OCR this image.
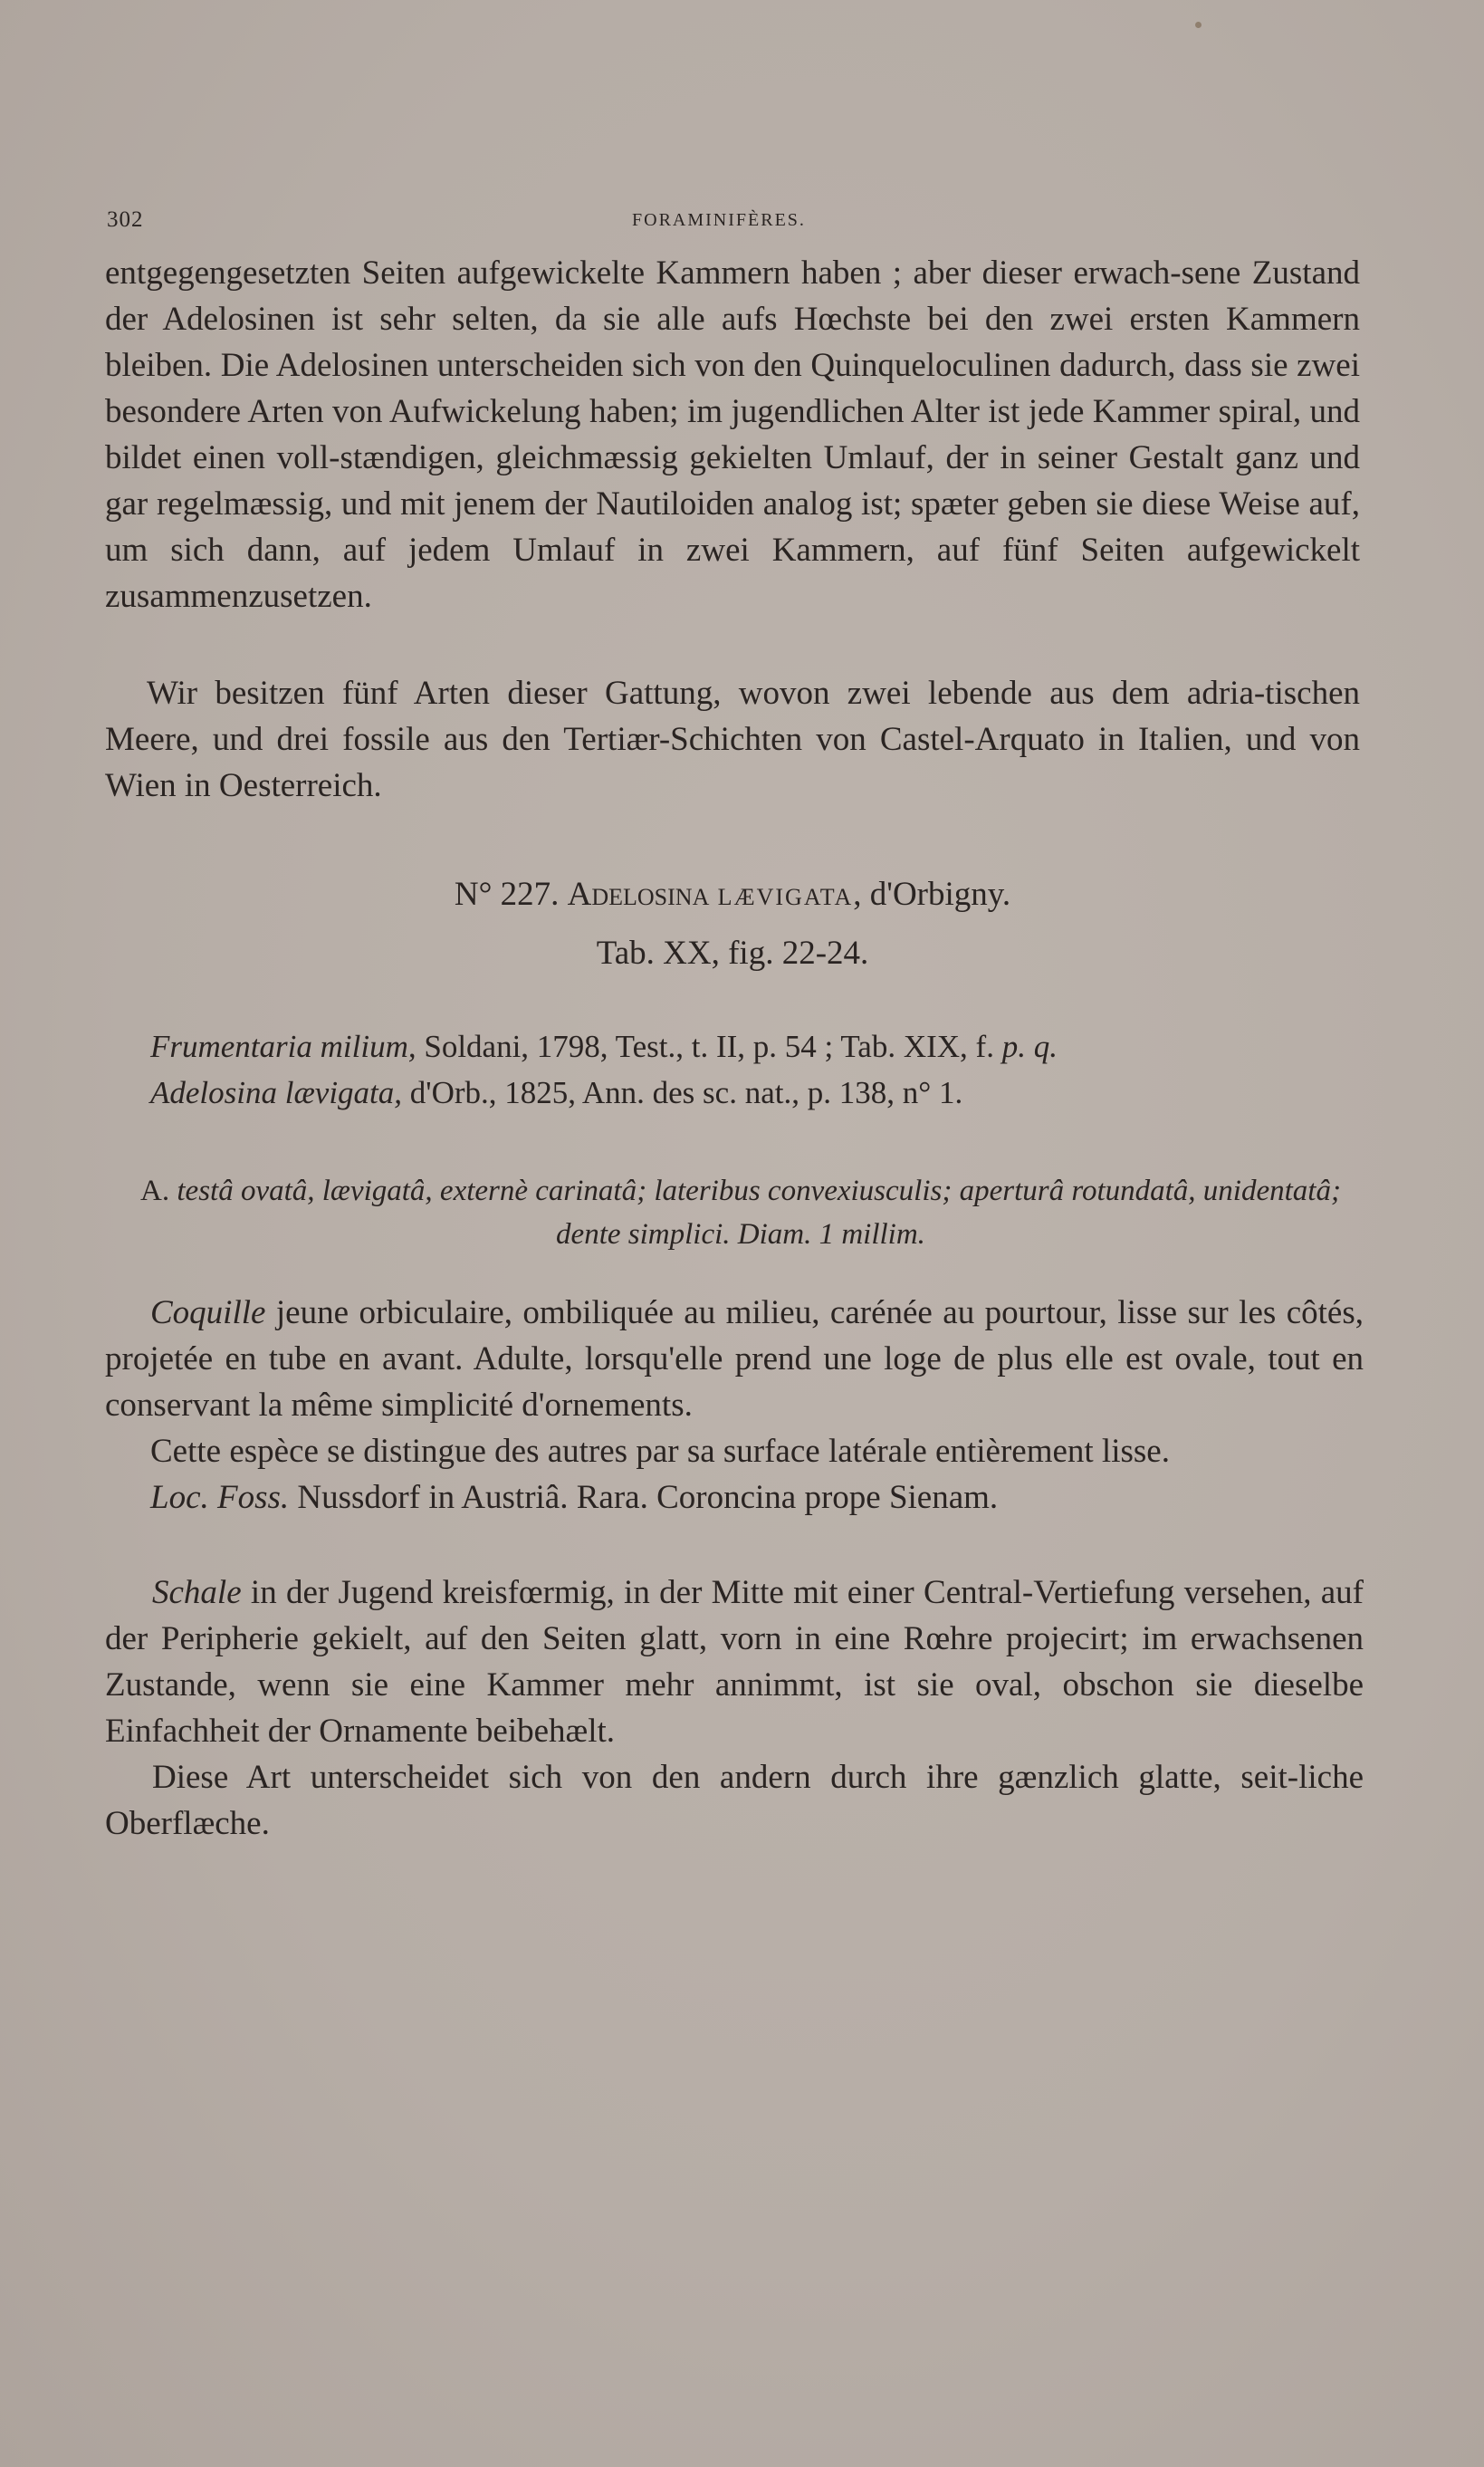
302	FORAMINIFÈRES.

entgegengesetzten Seiten aufgewickelte Kammern haben ; aber dieser erwach-sene Zustand der Adelosinen ist sehr selten, da sie alle aufs Hœchste bei den zwei ersten Kammern bleiben. Die Adelosinen unterscheiden sich von den Quinqueloculinen dadurch, dass sie zwei besondere Arten von Aufwickelung haben; im jugendlichen Alter ist jede Kammer spiral, und bildet einen voll-stændigen, gleichmæssig gekielten Umlauf, der in seiner Gestalt ganz und gar regelmæssig, und mit jenem der Nautiloiden analog ist; spæter geben sie diese Weise auf, um sich dann, auf jedem Umlauf in zwei Kammern, auf fünf Seiten aufgewickelt zusammenzusetzen.

Wir besitzen fünf Arten dieser Gattung, wovon zwei lebende aus dem adria-tischen Meere, und drei fossile aus den Tertiær-Schichten von Castel-Arquato in Italien, und von Wien in Oesterreich.

N° 227. Adelosina LÆVIGATA, d'Orbigny.

Tab. XX, fig. 22-24.

Frumentaria milium, Soldani, 1798, Test., t. II, p. 54 ; Tab. XIX, f. p. q.

Adelosina lævigata, d'Orb., 1825, Ann. des sc. nat., p. 138, n° 1.

A. testâ ovatâ, lævigatâ, externè carinatâ; lateribus convexiusculis; aperturâ rotundatâ, unidentatâ; dente simplici. Diam. 1 millim.

Coquille jeune orbiculaire, ombiliquée au milieu, carénée au pourtour, lisse sur les côtés, projetée en tube en avant. Adulte, lorsqu'elle prend une loge de plus elle est ovale, tout en conservant la même simplicité d'ornements.

Cette espèce se distingue des autres par sa surface latérale entièrement lisse.

Loc. Foss. Nussdorf in Austriâ. Rara. Coroncina prope Sienam.

Schale in der Jugend kreisfœrmig, in der Mitte mit einer Central-Vertiefung versehen, auf der Peripherie gekielt, auf den Seiten glatt, vorn in eine Rœhre projecirt; im erwachsenen Zustande, wenn sie eine Kammer mehr annimmt, ist sie oval, obschon sie dieselbe Einfachheit der Ornamente beibehælt.

Diese Art unterscheidet sich von den andern durch ihre gænzlich glatte, seit-liche Oberflæche.
